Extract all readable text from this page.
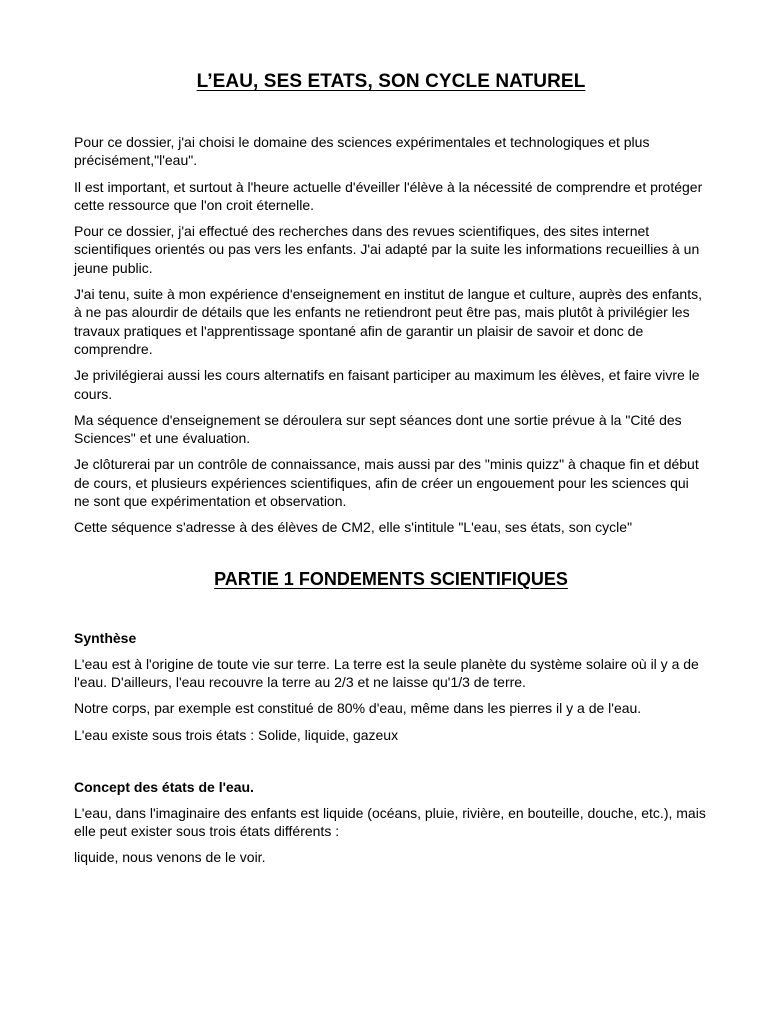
L’EAU, SES ETATS, SON CYCLE NATUREL

Pour ce dossier, j'ai choisi le domaine des sciences expérimentales et technologiques et plus précisément,"l'eau".

Il est important, et surtout à l'heure actuelle d'éveiller l'élève à la nécessité de comprendre et protéger cette ressource que l'on croit éternelle.

Pour ce dossier, j'ai effectué des recherches dans des revues scientifiques, des sites internet scientifiques orientés ou pas vers les enfants. J'ai adapté par la suite les informations recueillies à un jeune public.

J'ai tenu, suite à mon expérience d'enseignement en institut de langue et culture, auprès des enfants, à ne pas alourdir de détails que les enfants ne retiendront peut être pas, mais plutôt à privilégier les travaux pratiques et l'apprentissage spontané afin de garantir un plaisir de savoir et donc de comprendre.

Je privilégierai aussi les cours alternatifs en faisant participer au maximum les élèves, et faire vivre le cours.

Ma séquence d'enseignement se déroulera sur sept séances dont une sortie prévue à la "Cité des Sciences" et une évaluation.

Je clôturerai par un contrôle de connaissance, mais aussi par des "minis quizz" à chaque fin et début de cours, et plusieurs expériences scientifiques, afin de créer un engouement pour les sciences qui ne sont que expérimentation et observation.

Cette séquence s'adresse à des élèves de CM2, elle s'intitule "L'eau, ses états, son cycle"

PARTIE 1 FONDEMENTS SCIENTIFIQUES
Synthèse

L'eau est à l'origine de toute vie sur terre. La terre est la seule planète du système solaire où il y a de l'eau. D'ailleurs, l'eau recouvre la terre au 2/3 et ne laisse qu'1/3 de terre.

Notre corps, par exemple est constitué de 80% d'eau, même dans les pierres il y a de l'eau.

L'eau existe sous trois états : Solide, liquide, gazeux

Concept des états de l'eau.

L'eau, dans l'imaginaire des enfants est liquide (océans, pluie, rivière, en bouteille, douche, etc.), mais elle peut exister sous trois états différents :

liquide, nous venons de le voir.
